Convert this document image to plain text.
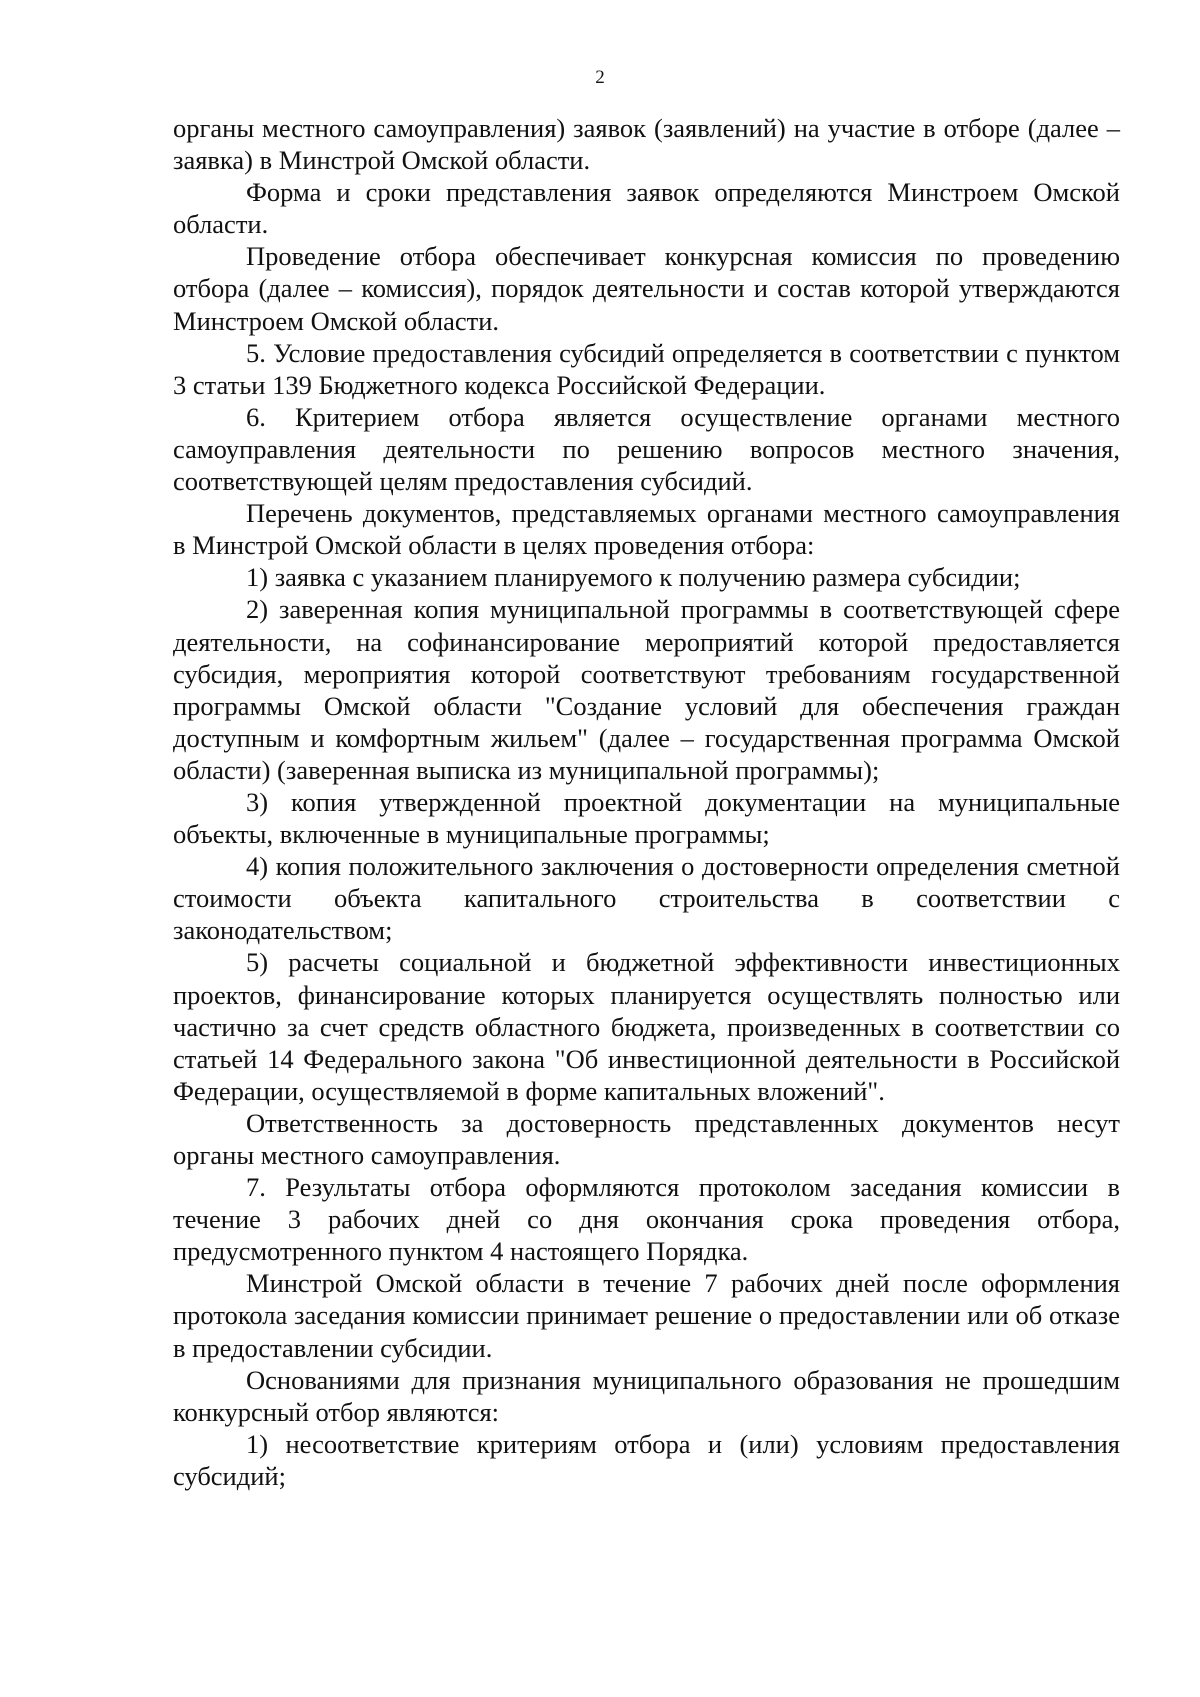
2

органы местного самоуправления) заявок (заявлений) на участие в отборе (далее – заявка) в Минстрой Омской области.

Форма и сроки представления заявок определяются Минстроем Омской области.

Проведение отбора обеспечивает конкурсная комиссия по проведению отбора (далее – комиссия), порядок деятельности и состав которой утверждаются Минстроем Омской области.

5. Условие предоставления субсидий определяется в соответствии с пунктом 3 статьи 139 Бюджетного кодекса Российской Федерации.

6. Критерием отбора является осуществление органами местного самоуправления деятельности по решению вопросов местного значения, соответствующей целям предоставления субсидий.

Перечень документов, представляемых органами местного самоуправления в Минстрой Омской области в целях проведения отбора:

1) заявка с указанием планируемого к получению размера субсидии;

2) заверенная копия муниципальной программы в соответствующей сфере деятельности, на софинансирование мероприятий которой предоставляется субсидия, мероприятия которой соответствуют требованиям государственной программы Омской области "Создание условий для обеспечения граждан доступным и комфортным жильем" (далее – государственная программа Омской области) (заверенная выписка из муниципальной программы);

3) копия утвержденной проектной документации на муниципальные объекты, включенные в муниципальные программы;

4) копия положительного заключения о достоверности определения сметной стоимости объекта капитального строительства в соответствии с законодательством;

5) расчеты социальной и бюджетной эффективности инвестиционных проектов, финансирование которых планируется осуществлять полностью или частично за счет средств областного бюджета, произведенных в соответствии со статьей 14 Федерального закона "Об инвестиционной деятельности в Российской Федерации, осуществляемой в форме капитальных вложений".

Ответственность за достоверность представленных документов несут органы местного самоуправления.

7. Результаты отбора оформляются протоколом заседания комиссии в течение 3 рабочих дней со дня окончания срока проведения отбора, предусмотренного пунктом 4 настоящего Порядка.

Минстрой Омской области в течение 7 рабочих дней после оформления протокола заседания комиссии принимает решение о предоставлении или об отказе в предоставлении субсидии.

Основаниями для признания муниципального образования не прошедшим конкурсный отбор являются:

1) несоответствие критериям отбора и (или) условиям предоставления субсидий;
